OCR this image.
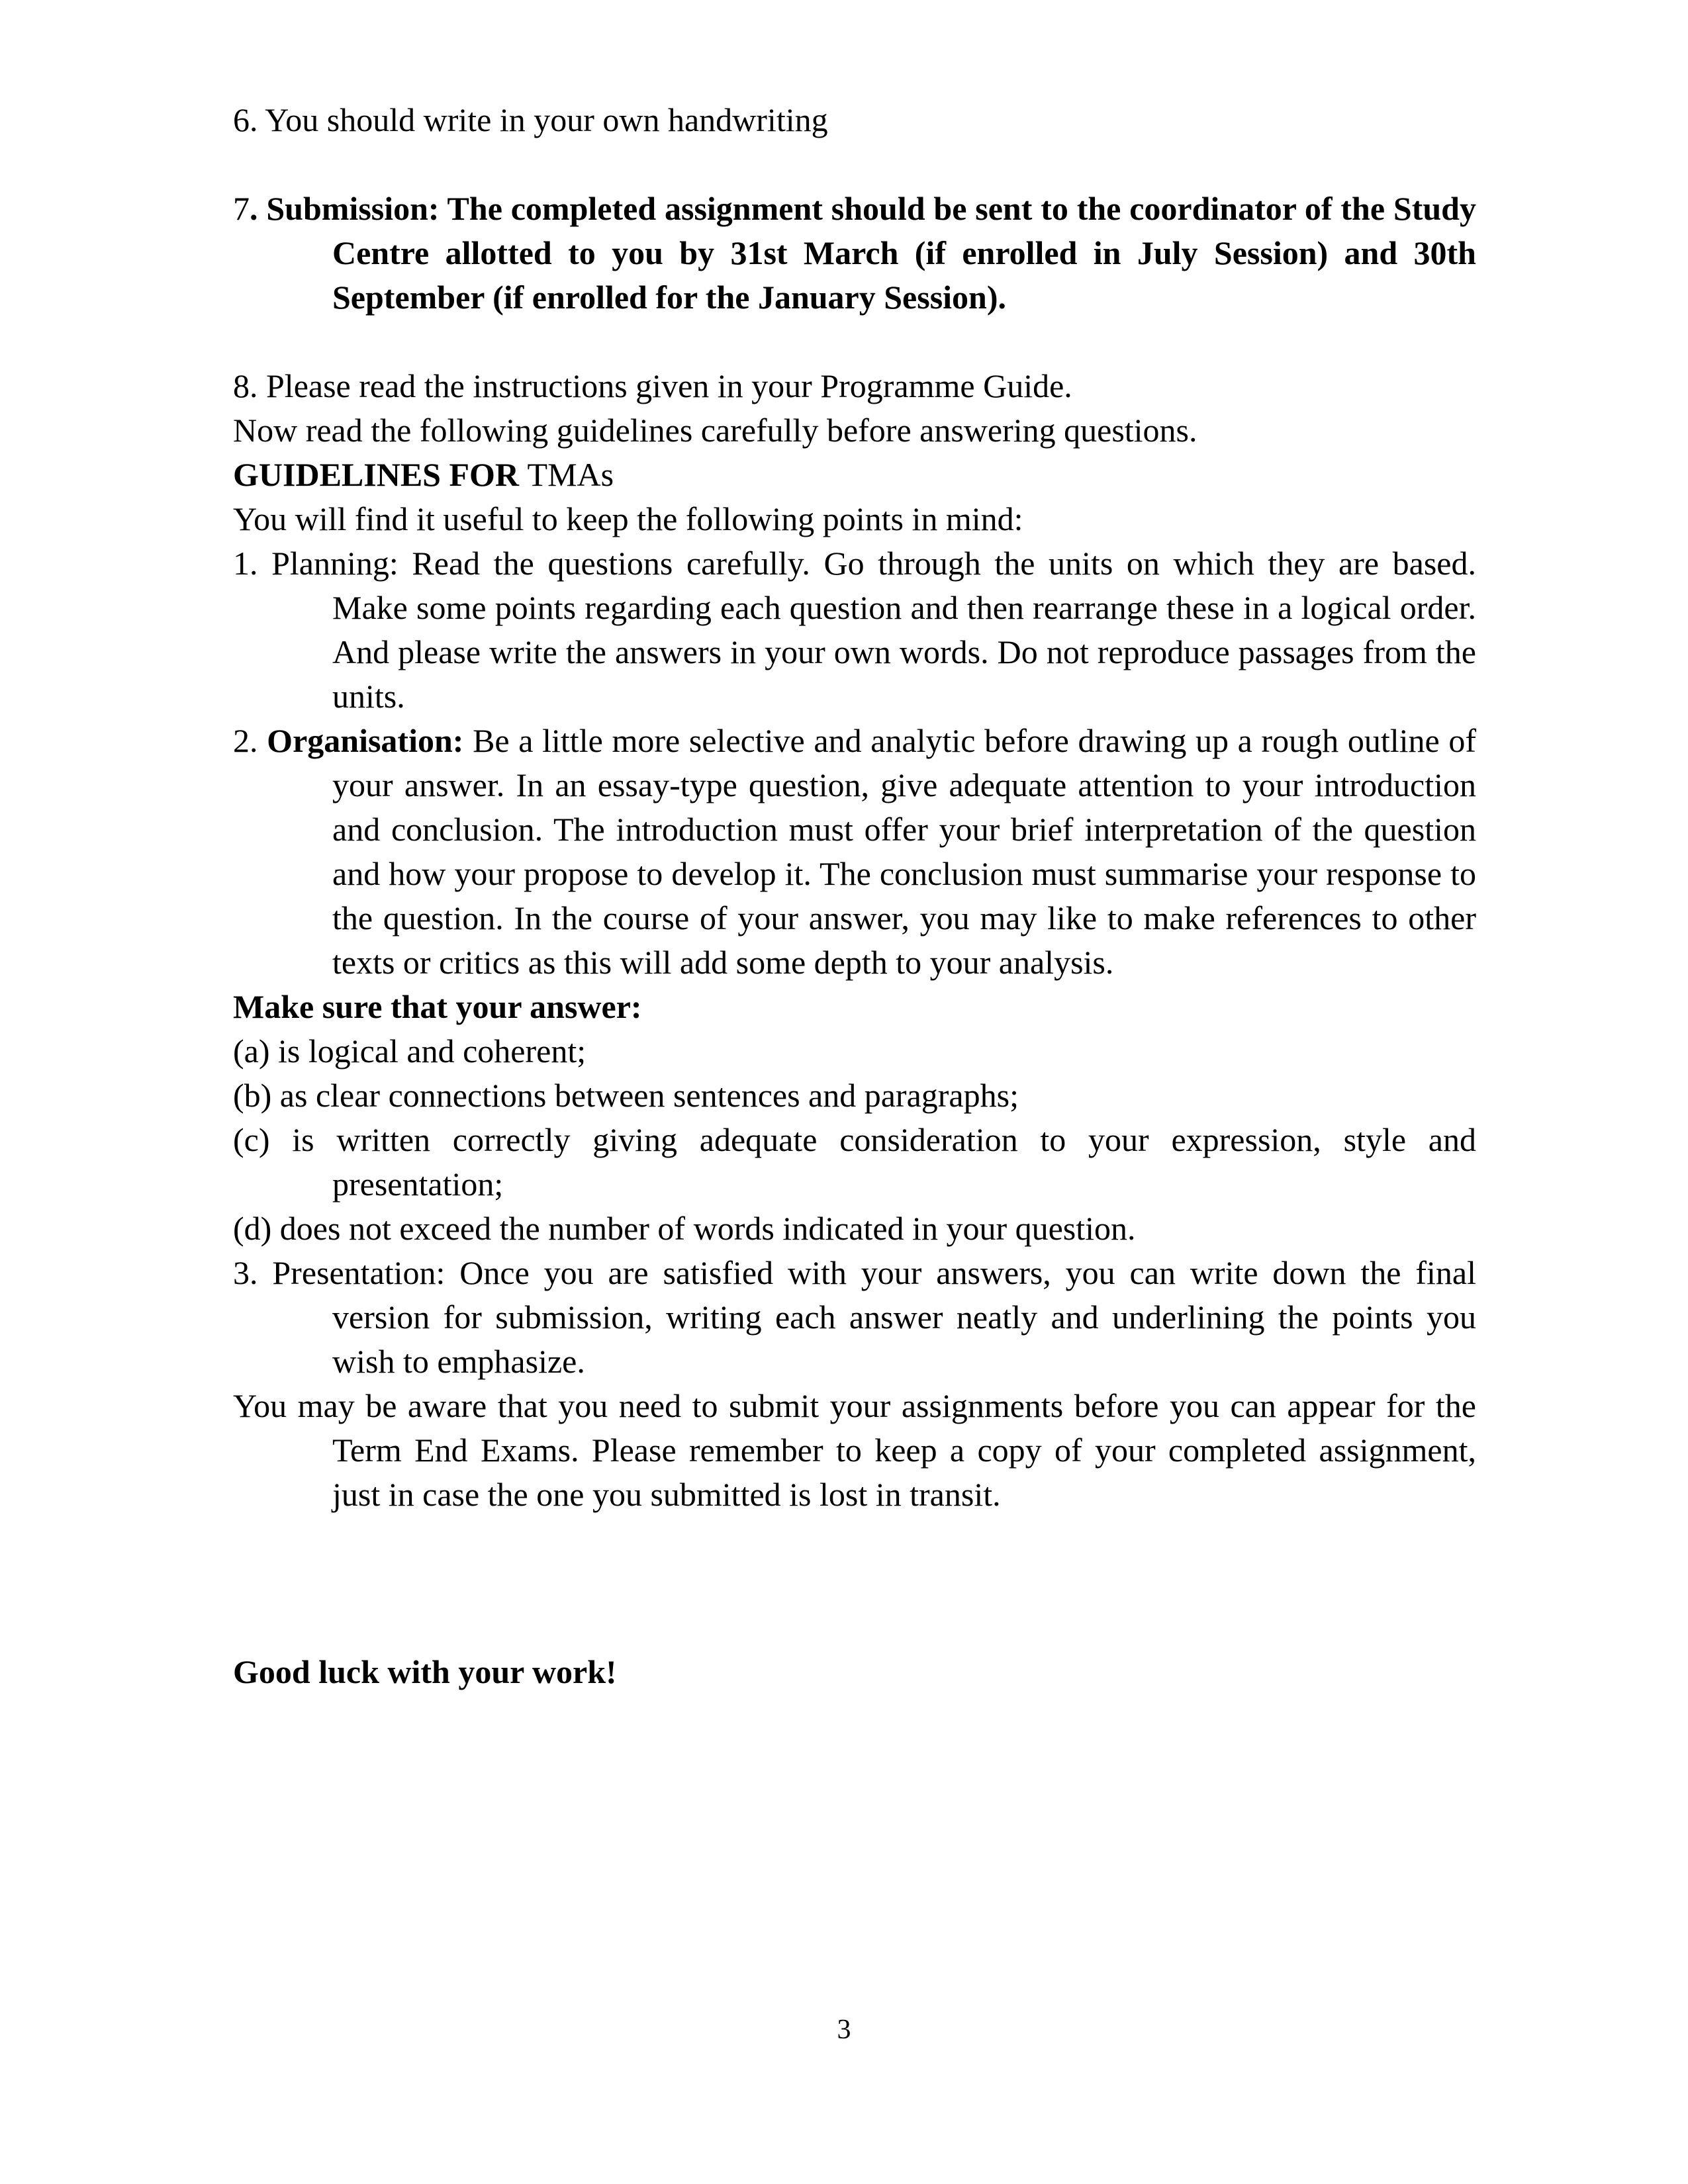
6. You should write in your own handwriting

7. Submission: The completed assignment should be sent to the coordinator of the Study Centre allotted to you by 31st March (if enrolled in July Session) and 30th September (if enrolled for the January Session).

8. Please read the instructions given in your Programme Guide.

Now read the following guidelines carefully before answering questions.

GUIDELINES FOR TMAs

You will find it useful to keep the following points in mind:

1. Planning: Read the questions carefully. Go through the units on which they are based. Make some points regarding each question and then rearrange these in a logical order. And please write the answers in your own words. Do not reproduce passages from the units.

2. Organisation: Be a little more selective and analytic before drawing up a rough outline of your answer. In an essay-type question, give adequate attention to your introduction and conclusion. The introduction must offer your brief interpretation of the question and how your propose to develop it. The conclusion must summarise your response to the question. In the course of your answer, you may like to make references to other texts or critics as this will add some depth to your analysis.

Make sure that your answer:

(a) is logical and coherent;

(b) as clear connections between sentences and paragraphs;

(c) is written correctly giving adequate consideration to your expression, style and presentation;

(d) does not exceed the number of words indicated in your question.

3. Presentation: Once you are satisfied with your answers, you can write down the final version for submission, writing each answer neatly and underlining the points you wish to emphasize.

You may be aware that you need to submit your assignments before you can appear for the Term End Exams. Please remember to keep a copy of your completed assignment, just in case the one you submitted is lost in transit.

Good luck with your work!

3
